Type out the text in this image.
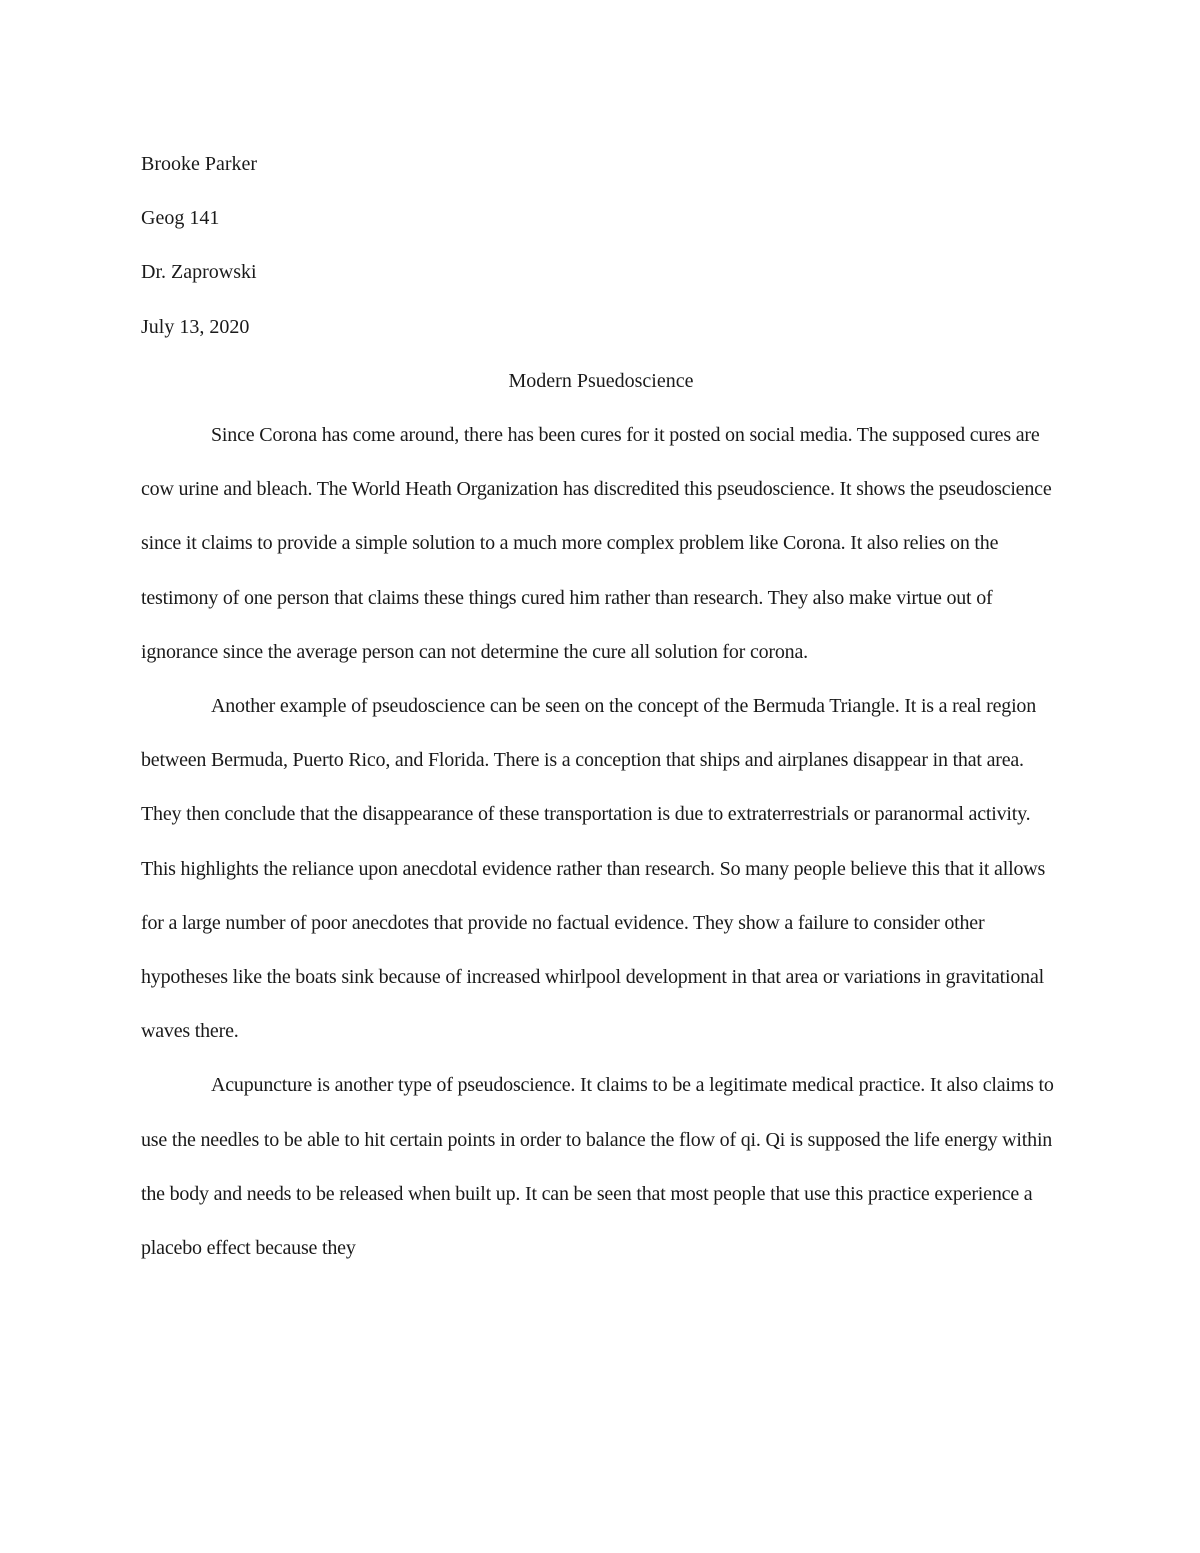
Brooke Parker

Geog 141

Dr. Zaprowski

July 13, 2020

Modern Psuedoscience

Since Corona has come around, there has been cures for it posted on social media. The supposed cures are cow urine and bleach. The World Heath Organization has discredited this pseudoscience. It shows the pseudoscience since it claims to provide a simple solution to a much more complex problem like Corona. It also relies on the testimony of one person that claims these things cured him rather than research. They also make virtue out of ignorance since the average person can not determine the cure all solution for corona.

Another example of pseudoscience can be seen on the concept of the Bermuda Triangle. It is a real region between Bermuda, Puerto Rico, and Florida. There is a conception that ships and airplanes disappear in that area. They then conclude that the disappearance of these transportation is due to extraterrestrials or paranormal activity. This highlights the reliance upon anecdotal evidence rather than research. So many people believe this that it allows for a large number of poor anecdotes that provide no factual evidence. They show a failure to consider other hypotheses like the boats sink because of increased whirlpool development in that area or variations in gravitational waves there.

Acupuncture is another type of pseudoscience. It claims to be a legitimate medical practice. It also claims to use the needles to be able to hit certain points in order to balance the flow of qi. Qi is supposed the life energy within the body and needs to be released when built up. It can be seen that most people that use this practice experience a placebo effect because they
